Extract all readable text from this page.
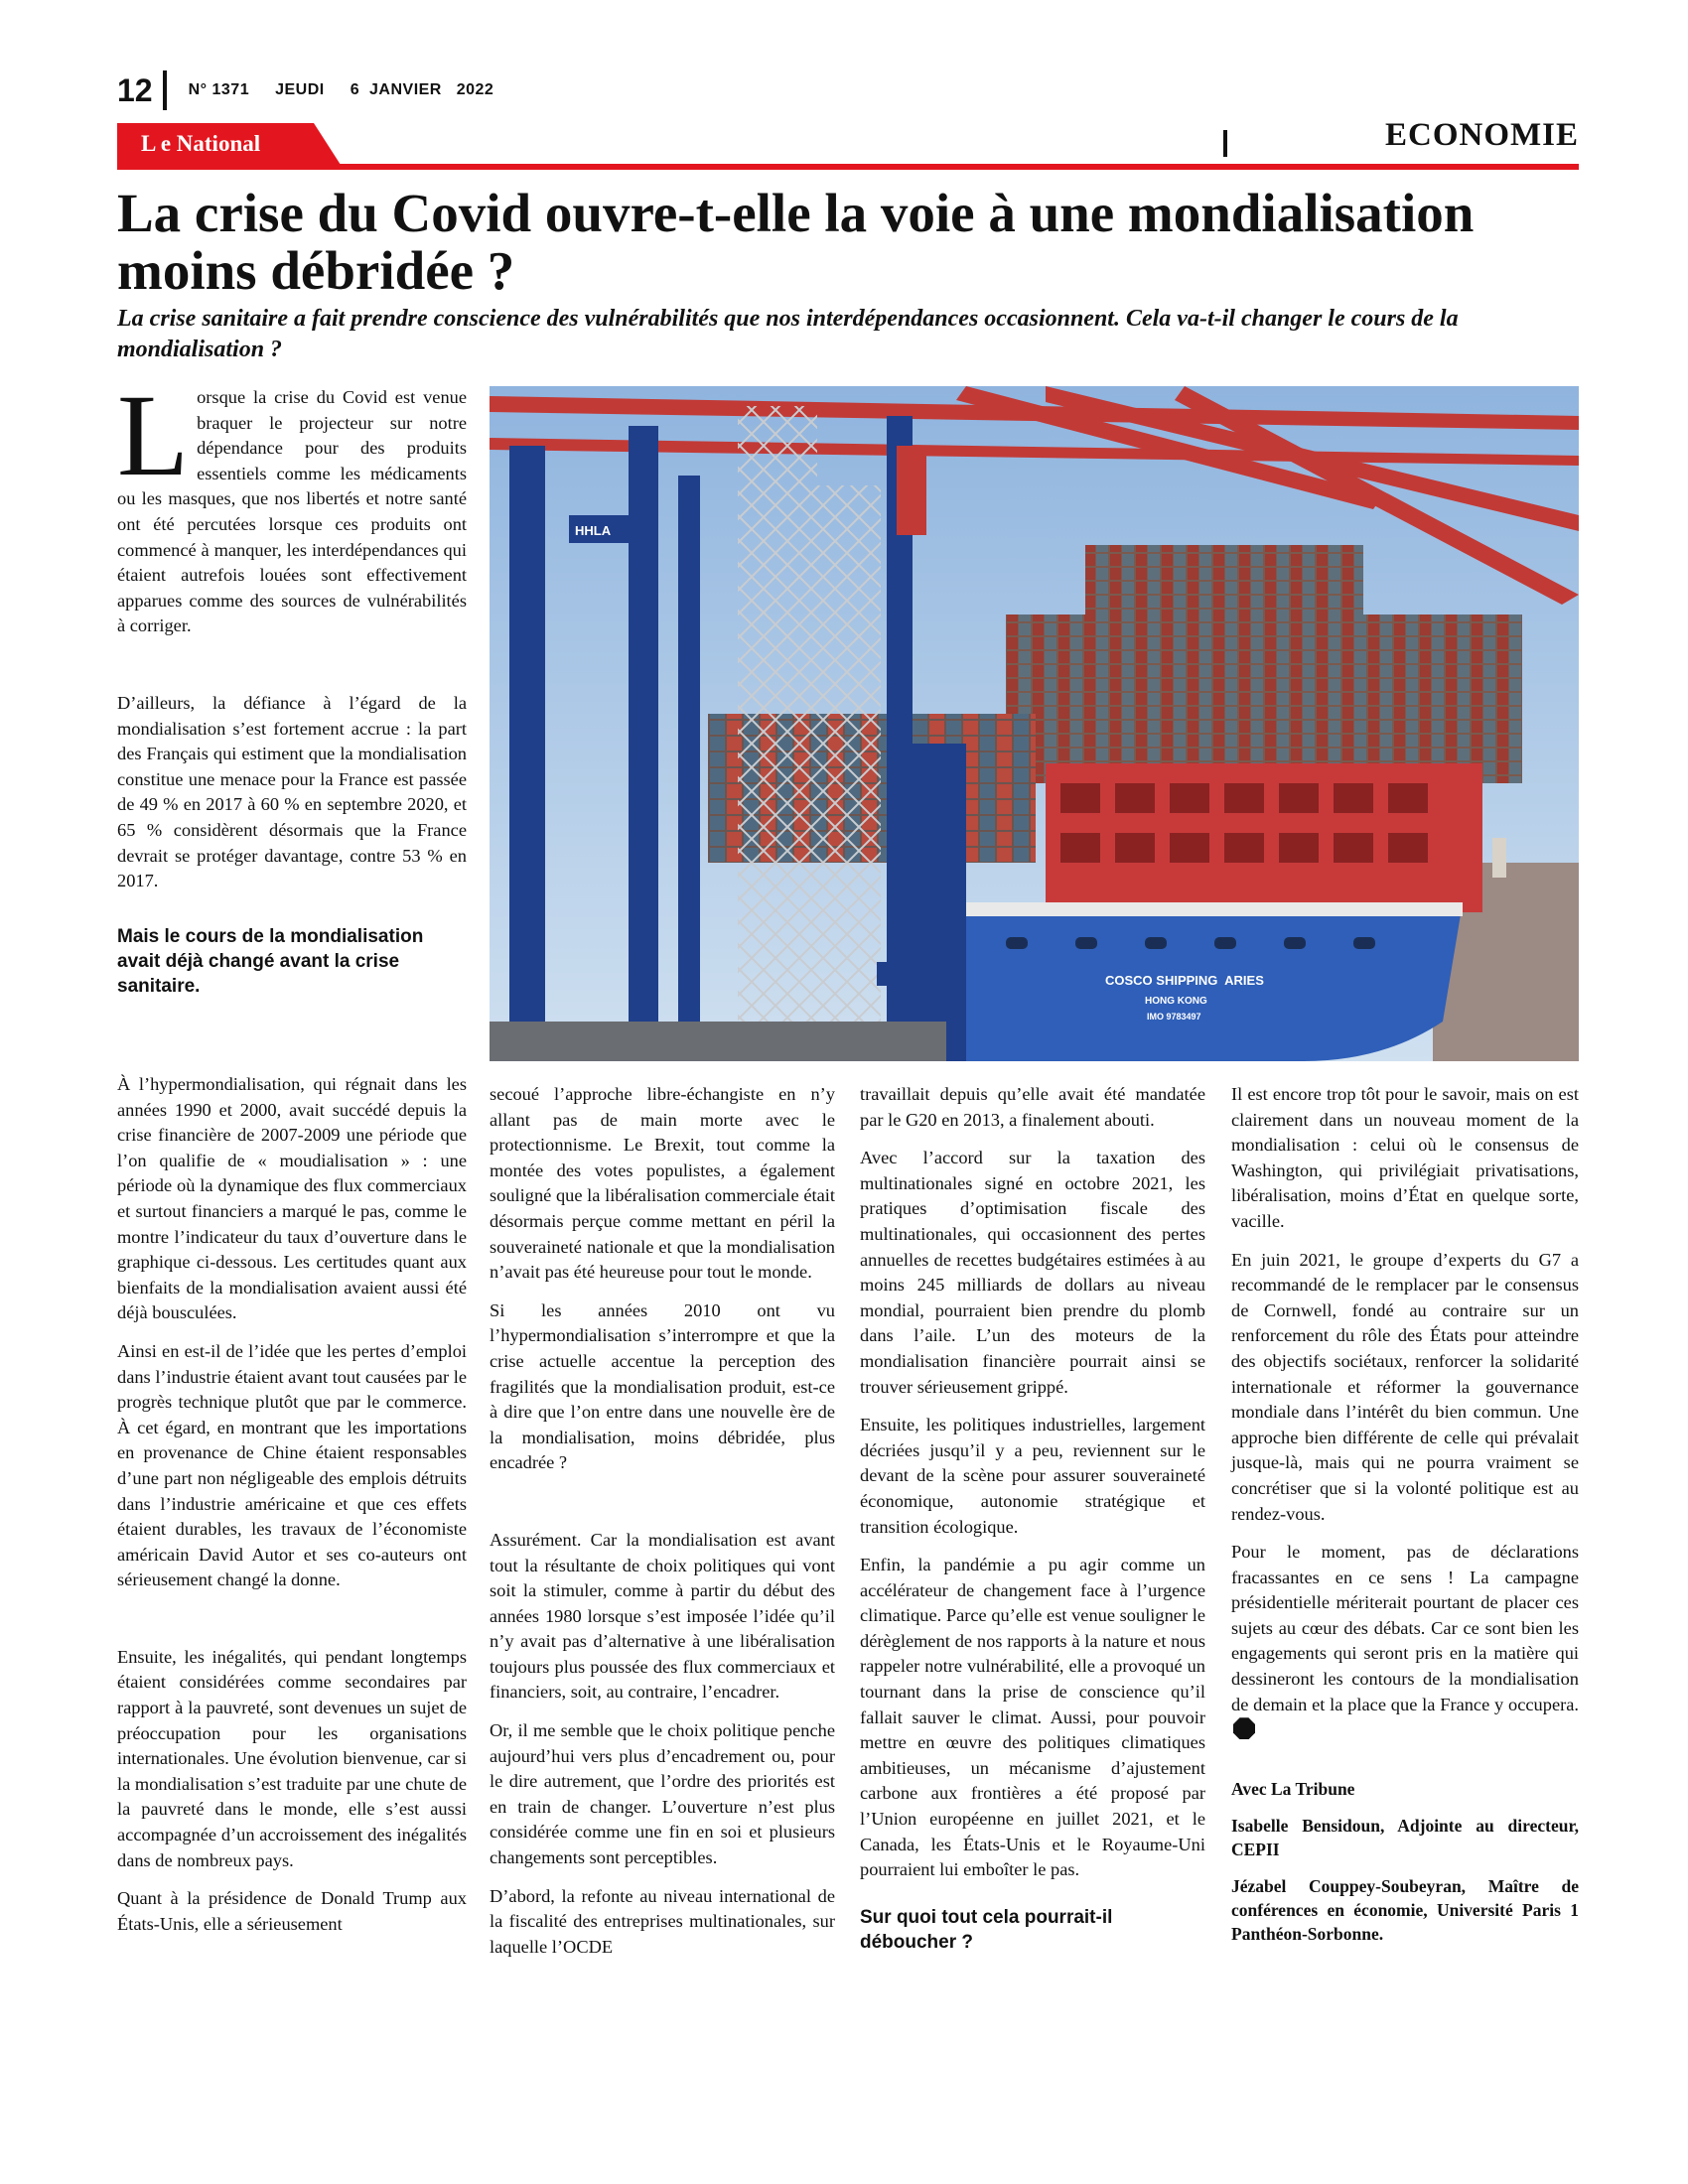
12 N° 1371 JEUDI 6  JANVIER   2022
L e National	ECONOMIE
La crise du Covid ouvre-t-elle la voie à une mondialisation moins débridée ?

La crise sanitaire a fait prendre conscience des vulnérabilités que nos interdépendances occasionnent. Cela va-t-il changer le cours de la mondialisation ?

COSCO SHIPPING  ARIES
HONG KONG
IMO 9783497
HHLA

Lorsque la crise du Covid est venue braquer le projecteur sur notre dépendance pour des produits essentiels comme les médicaments ou les masques, que nos libertés et notre santé ont été percutées lorsque ces produits ont commencé à manquer, les interdépendances qui étaient autrefois louées sont effectivement apparues comme des sources de vulnérabilités à corriger.

D’ailleurs, la défiance à l’égard de la mondialisation s’est fortement accrue : la part des Français qui estiment que la mondialisation constitue une menace pour la France est passée de 49 % en 2017 à 60 % en septembre 2020, et 65 % considèrent désormais que la France devrait se protéger davantage, contre 53 % en 2017.

Mais le cours de la mondialisation avait déjà changé avant la crise sanitaire.

À l’hypermondialisation, qui régnait dans les années 1990 et 2000, avait succédé depuis la crise financière de 2007-2009 une période que l’on qualifie de « moudialisation » : une période où la dynamique des flux commerciaux et surtout financiers a marqué le pas, comme le montre l’indicateur du taux d’ouverture dans le graphique ci-dessous. Les certitudes quant aux bienfaits de la mondialisation avaient aussi été déjà bousculées.

Ainsi en est-il de l’idée que les pertes d’emploi dans l’industrie étaient avant tout causées par le progrès technique plutôt que par le commerce. À cet égard, en montrant que les importations en provenance de Chine étaient responsables d’une part non négligeable des emplois détruits dans l’industrie américaine et que ces effets étaient durables, les travaux de l’économiste américain David Autor et ses co-auteurs ont sérieusement changé la donne.

Ensuite, les inégalités, qui pendant longtemps étaient considérées comme secondaires par rapport à la pauvreté, sont devenues un sujet de préoccupation pour les organisations internationales. Une évolution bienvenue, car si la mondialisation s’est traduite par une chute de la pauvreté dans le monde, elle s’est aussi accompagnée d’un accroissement des inégalités dans de nombreux pays.

Quant à la présidence de Donald Trump aux États-Unis, elle a sérieusement

secoué l’approche libre-échangiste en n’y allant pas de main morte avec le protectionnisme. Le Brexit, tout comme la montée des votes populistes, a également souligné que la libéralisation commerciale était désormais perçue comme mettant en péril la souveraineté nationale et que la mondialisation n’avait pas été heureuse pour tout le monde.

Si les années 2010 ont vu l’hypermondialisation s’interrompre et que la crise actuelle accentue la perception des fragilités que la mondialisation produit, est-ce à dire que l’on entre dans une nouvelle ère de la mondialisation, moins débridée, plus encadrée ?

Assurément. Car la mondialisation est avant tout la résultante de choix politiques qui vont soit la stimuler, comme à partir du début des années 1980 lorsque s’est imposée l’idée qu’il n’y avait pas d’alternative à une libéralisation toujours plus poussée des flux commerciaux et financiers, soit, au contraire, l’encadrer.

Or, il me semble que le choix politique penche aujourd’hui vers plus d’encadrement ou, pour le dire autrement, que l’ordre des priorités est en train de changer. L’ouverture n’est plus considérée comme une fin en soi et plusieurs changements sont perceptibles.

D’abord, la refonte au niveau international de la fiscalité des entreprises multinationales, sur laquelle l’OCDE

travaillait depuis qu’elle avait été mandatée par le G20 en 2013, a finalement abouti.

Avec l’accord sur la taxation des multinationales signé en octobre 2021, les pratiques d’optimisation fiscale des multinationales, qui occasionnent des pertes annuelles de recettes budgétaires estimées à au moins 245 milliards de dollars au niveau mondial, pourraient bien prendre du plomb dans l’aile. L’un des moteurs de la mondialisation financière pourrait ainsi se trouver sérieusement grippé.

Ensuite, les politiques industrielles, largement décriées jusqu’il y a peu, reviennent sur le devant de la scène pour assurer souveraineté économique, autonomie stratégique et transition écologique.

Enfin, la pandémie a pu agir comme un accélérateur de changement face à l’urgence climatique. Parce qu’elle est venue souligner le dérèglement de nos rapports à la nature et nous rappeler notre vulnérabilité, elle a provoqué un tournant dans la prise de conscience qu’il fallait sauver le climat. Aussi, pour pouvoir mettre en œuvre des politiques climatiques ambitieuses, un mécanisme d’ajustement carbone aux frontières a été proposé par l’Union européenne en juillet 2021, et le Canada, les États-Unis et le Royaume-Uni pourraient lui emboîter le pas.

Sur quoi tout cela pourrait-il déboucher ?

Il est encore trop tôt pour le savoir, mais on est clairement dans un nouveau moment de la mondialisation : celui où le consensus de Washington, qui privilégiait privatisations, libéralisation, moins d’État en quelque sorte, vacille.

En juin 2021, le groupe d’experts du G7 a recommandé de le remplacer par le consensus de Cornwell, fondé au contraire sur un renforcement du rôle des États pour atteindre des objectifs sociétaux, renforcer la solidarité internationale et réformer la gouvernance mondiale dans l’intérêt du bien commun. Une approche bien différente de celle qui prévalait jusque-là, mais qui ne pourra vraiment se concrétiser que si la volonté politique est au rendez-vous.

Pour le moment, pas de déclarations fracassantes en ce sens ! La campagne présidentielle mériterait pourtant de placer ces sujets au cœur des débats. Car ce sont bien les engagements qui seront pris en la matière qui dessineront les contours de la mondialisation de demain et la place que la France y occupera.

Avec La Tribune

Isabelle Bensidoun, Adjointe au directeur, CEPII

Jézabel Couppey-Soubeyran, Maître de conférences en économie, Université Paris 1 Panthéon-Sorbonne.
